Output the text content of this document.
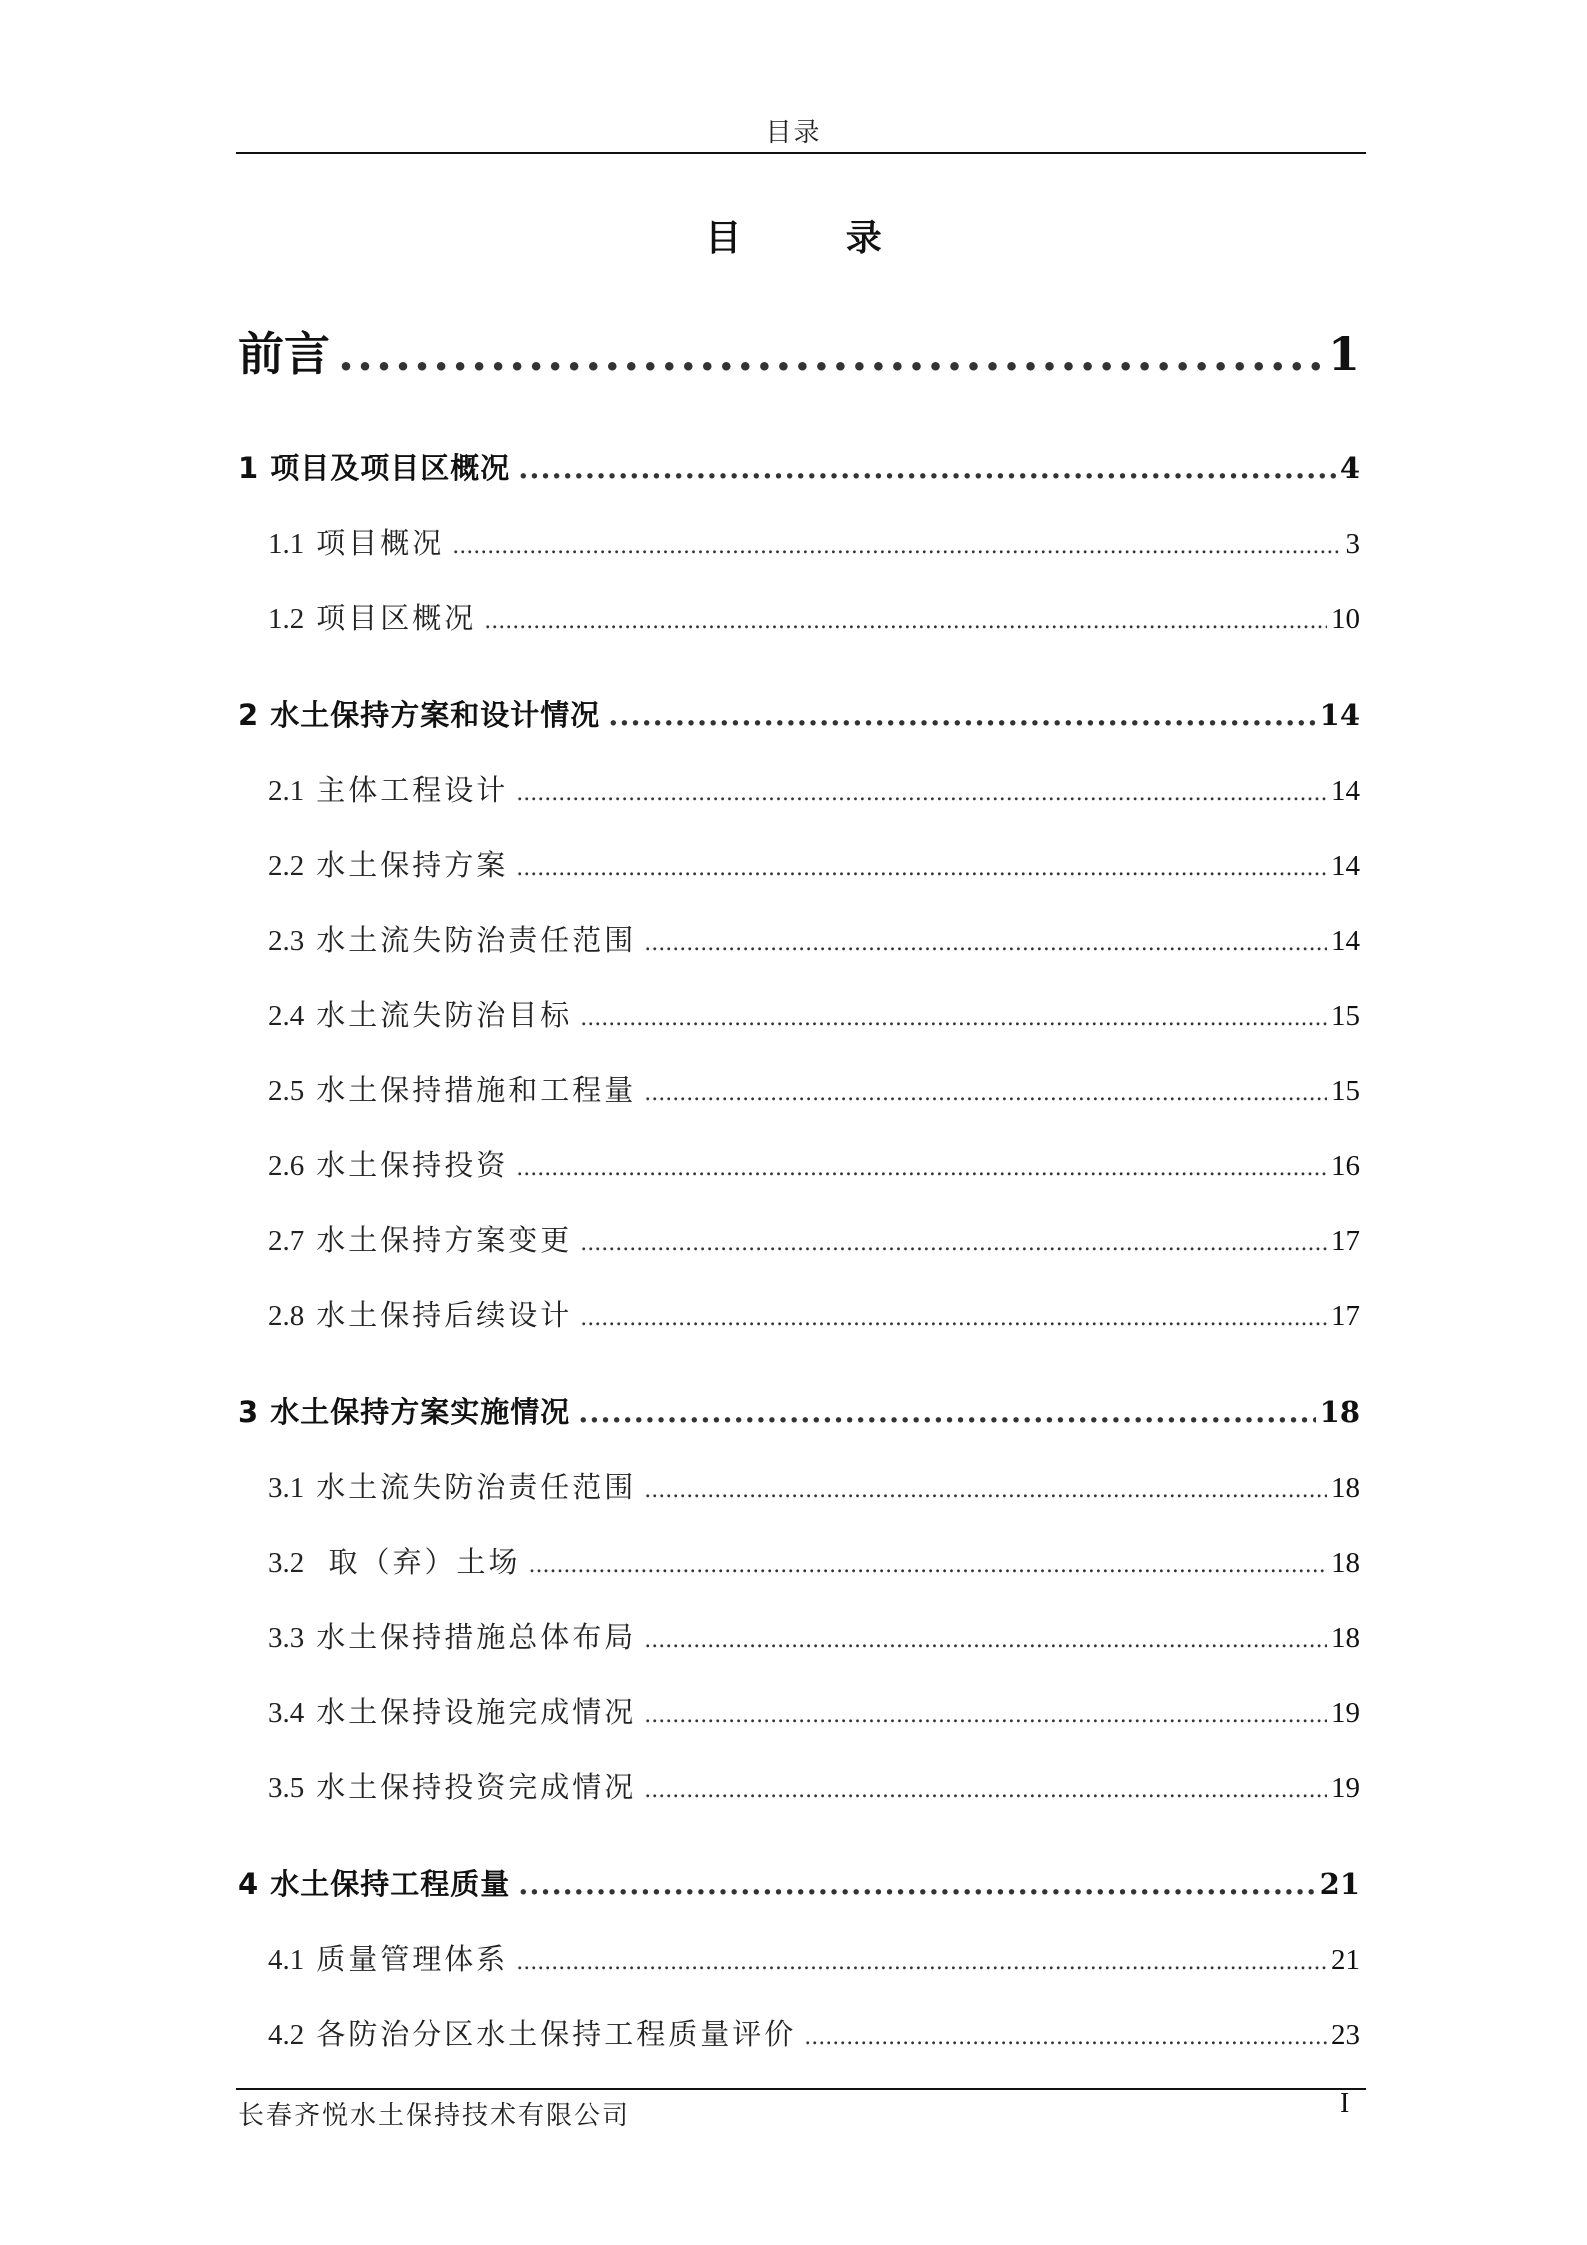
目录
目 录
前言 .....	1
1 项目及项目区概况 .....	4
1.1 项目概况 .....	3
1.2 项目区概况 .....	10
2 水土保持方案和设计情况 .....	14
2.1 主体工程设计 .....	14
2.2 水土保持方案 .....	14
2.3 水土流失防治责任范围 .....	14
2.4 水土流失防治目标 .....	15
2.5 水土保持措施和工程量 .....	15
2.6 水土保持投资 .....	16
2.7 水土保持方案变更 .....	17
2.8 水土保持后续设计 .....	17
3 水土保持方案实施情况 .....	18
3.1 水土流失防治责任范围 .....	18
3.2 取（弃）土场 .....	18
3.3 水土保持措施总体布局 .....	18
3.4 水土保持设施完成情况 .....	19
3.5 水土保持投资完成情况 .....	19
4 水土保持工程质量 .....	21
4.1 质量管理体系 .....	21
4.2 各防治分区水土保持工程质量评价 .....	23
长春齐悦水土保持技术有限公司	I
